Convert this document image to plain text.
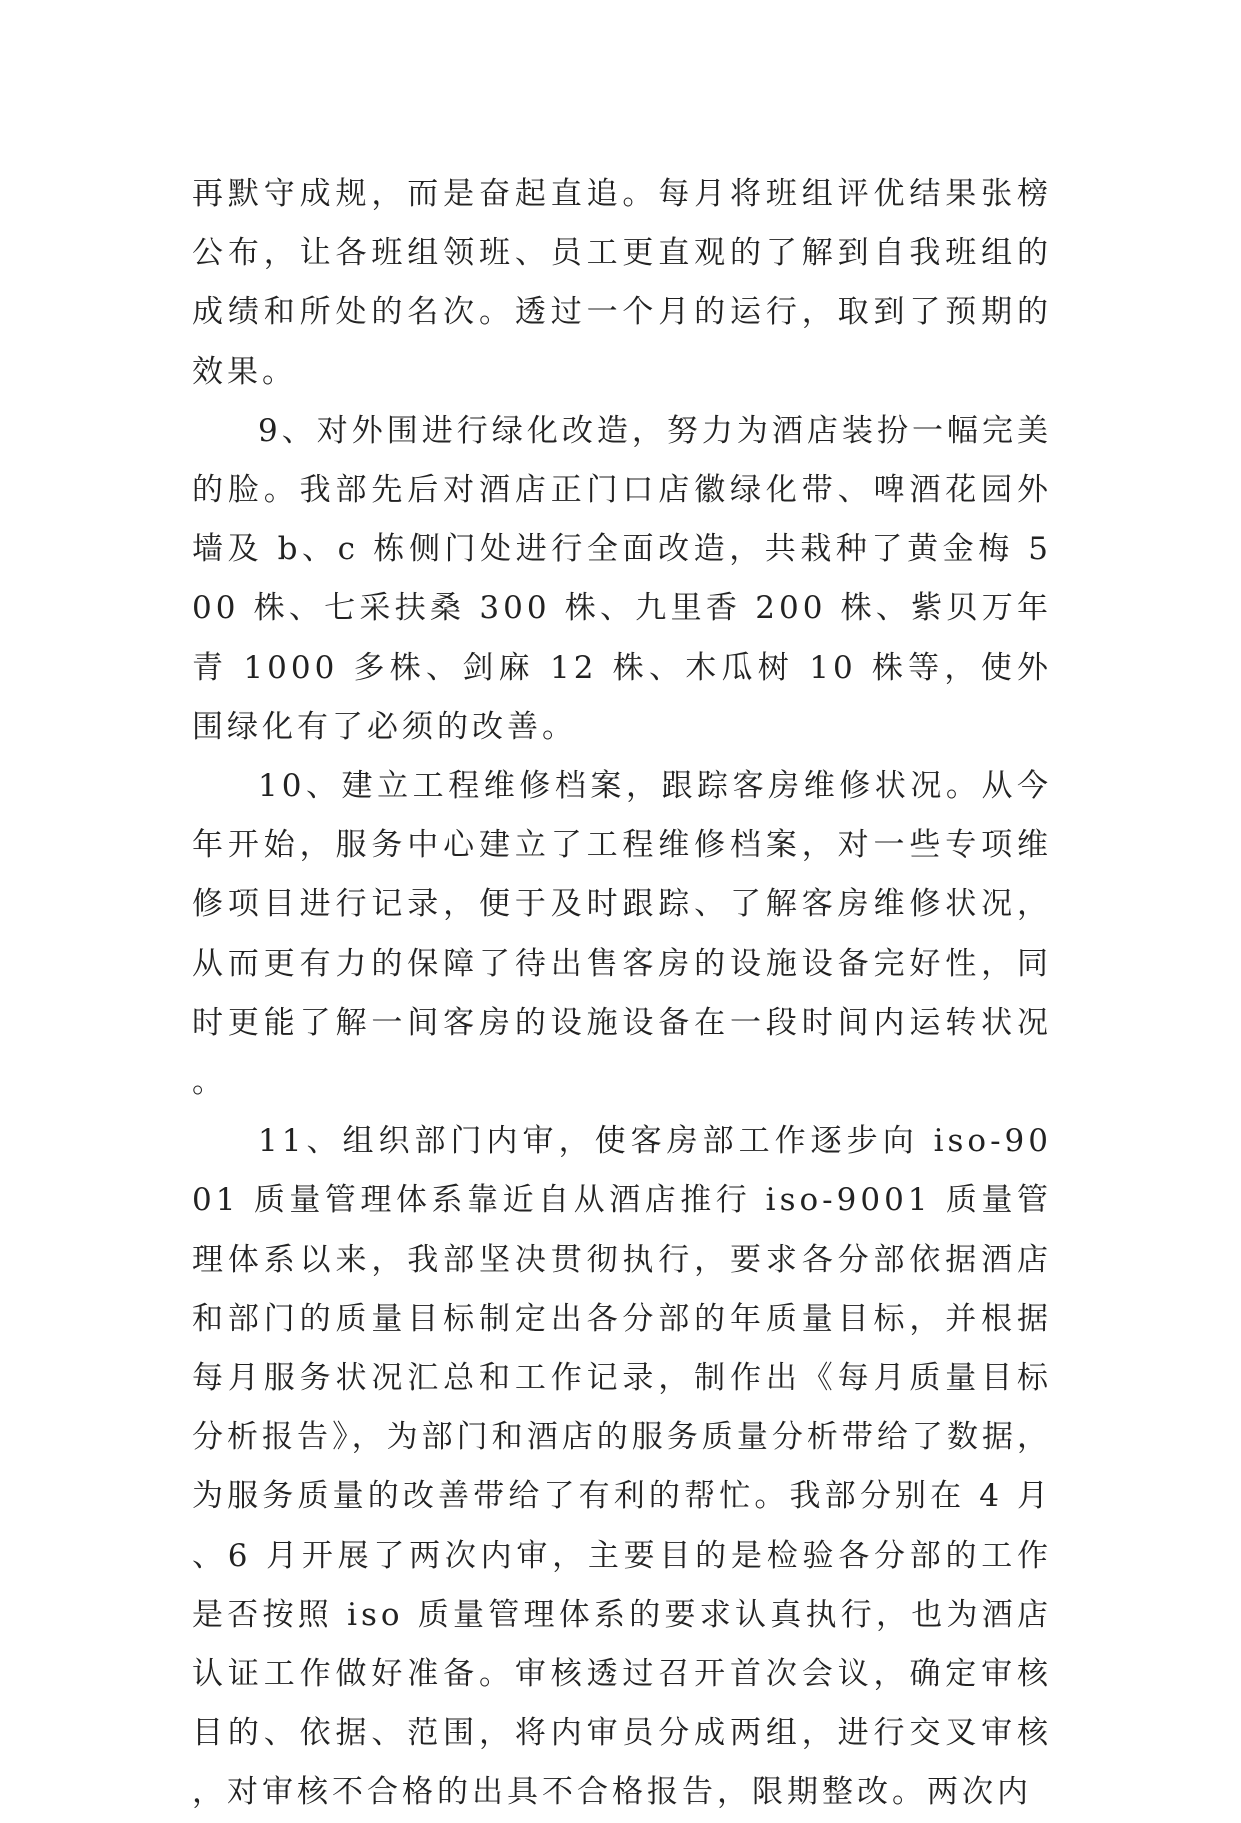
再默守成规，而是奋起直追。每月将班组评优结果张榜公布，让各班组领班、员工更直观的了解到自我班组的成绩和所处的名次。透过一个月的运行，取到了预期的效果。

9、对外围进行绿化改造，努力为酒店装扮一幅完美的脸。我部先后对酒店正门口店徽绿化带、啤酒花园外墙及 b、c 栋侧门处进行全面改造，共栽种了黄金梅 500 株、七采扶桑 300 株、九里香 200 株、紫贝万年青 1000 多株、剑麻 12 株、木瓜树 10 株等，使外围绿化有了必须的改善。

10、建立工程维修档案，跟踪客房维修状况。从今年开始，服务中心建立了工程维修档案，对一些专项维修项目进行记录，便于及时跟踪、了解客房维修状况，从而更有力的保障了待出售客房的设施设备完好性，同时更能了解一间客房的设施设备在一段时间内运转状况。

11、组织部门内审，使客房部工作逐步向 iso-9001 质量管理体系靠近自从酒店推行 iso-9001 质量管理体系以来，我部坚决贯彻执行，要求各分部依据酒店和部门的质量目标制定出各分部的年质量目标，并根据每月服务状况汇总和工作记录，制作出《每月质量目标分析报告》，为部门和酒店的服务质量分析带给了数据，为服务质量的改善带给了有利的帮忙。我部分别在 4 月、6 月开展了两次内审，主要目的是检验各分部的工作是否按照 iso 质量管理体系的要求认真执行，也为酒店认证工作做好准备。审核透过召开首次会议，确定审核目的、依据、范围，将内审员分成两组，进行交叉审核，对审核不合格的出具不合格报告，限期整改。两次内
